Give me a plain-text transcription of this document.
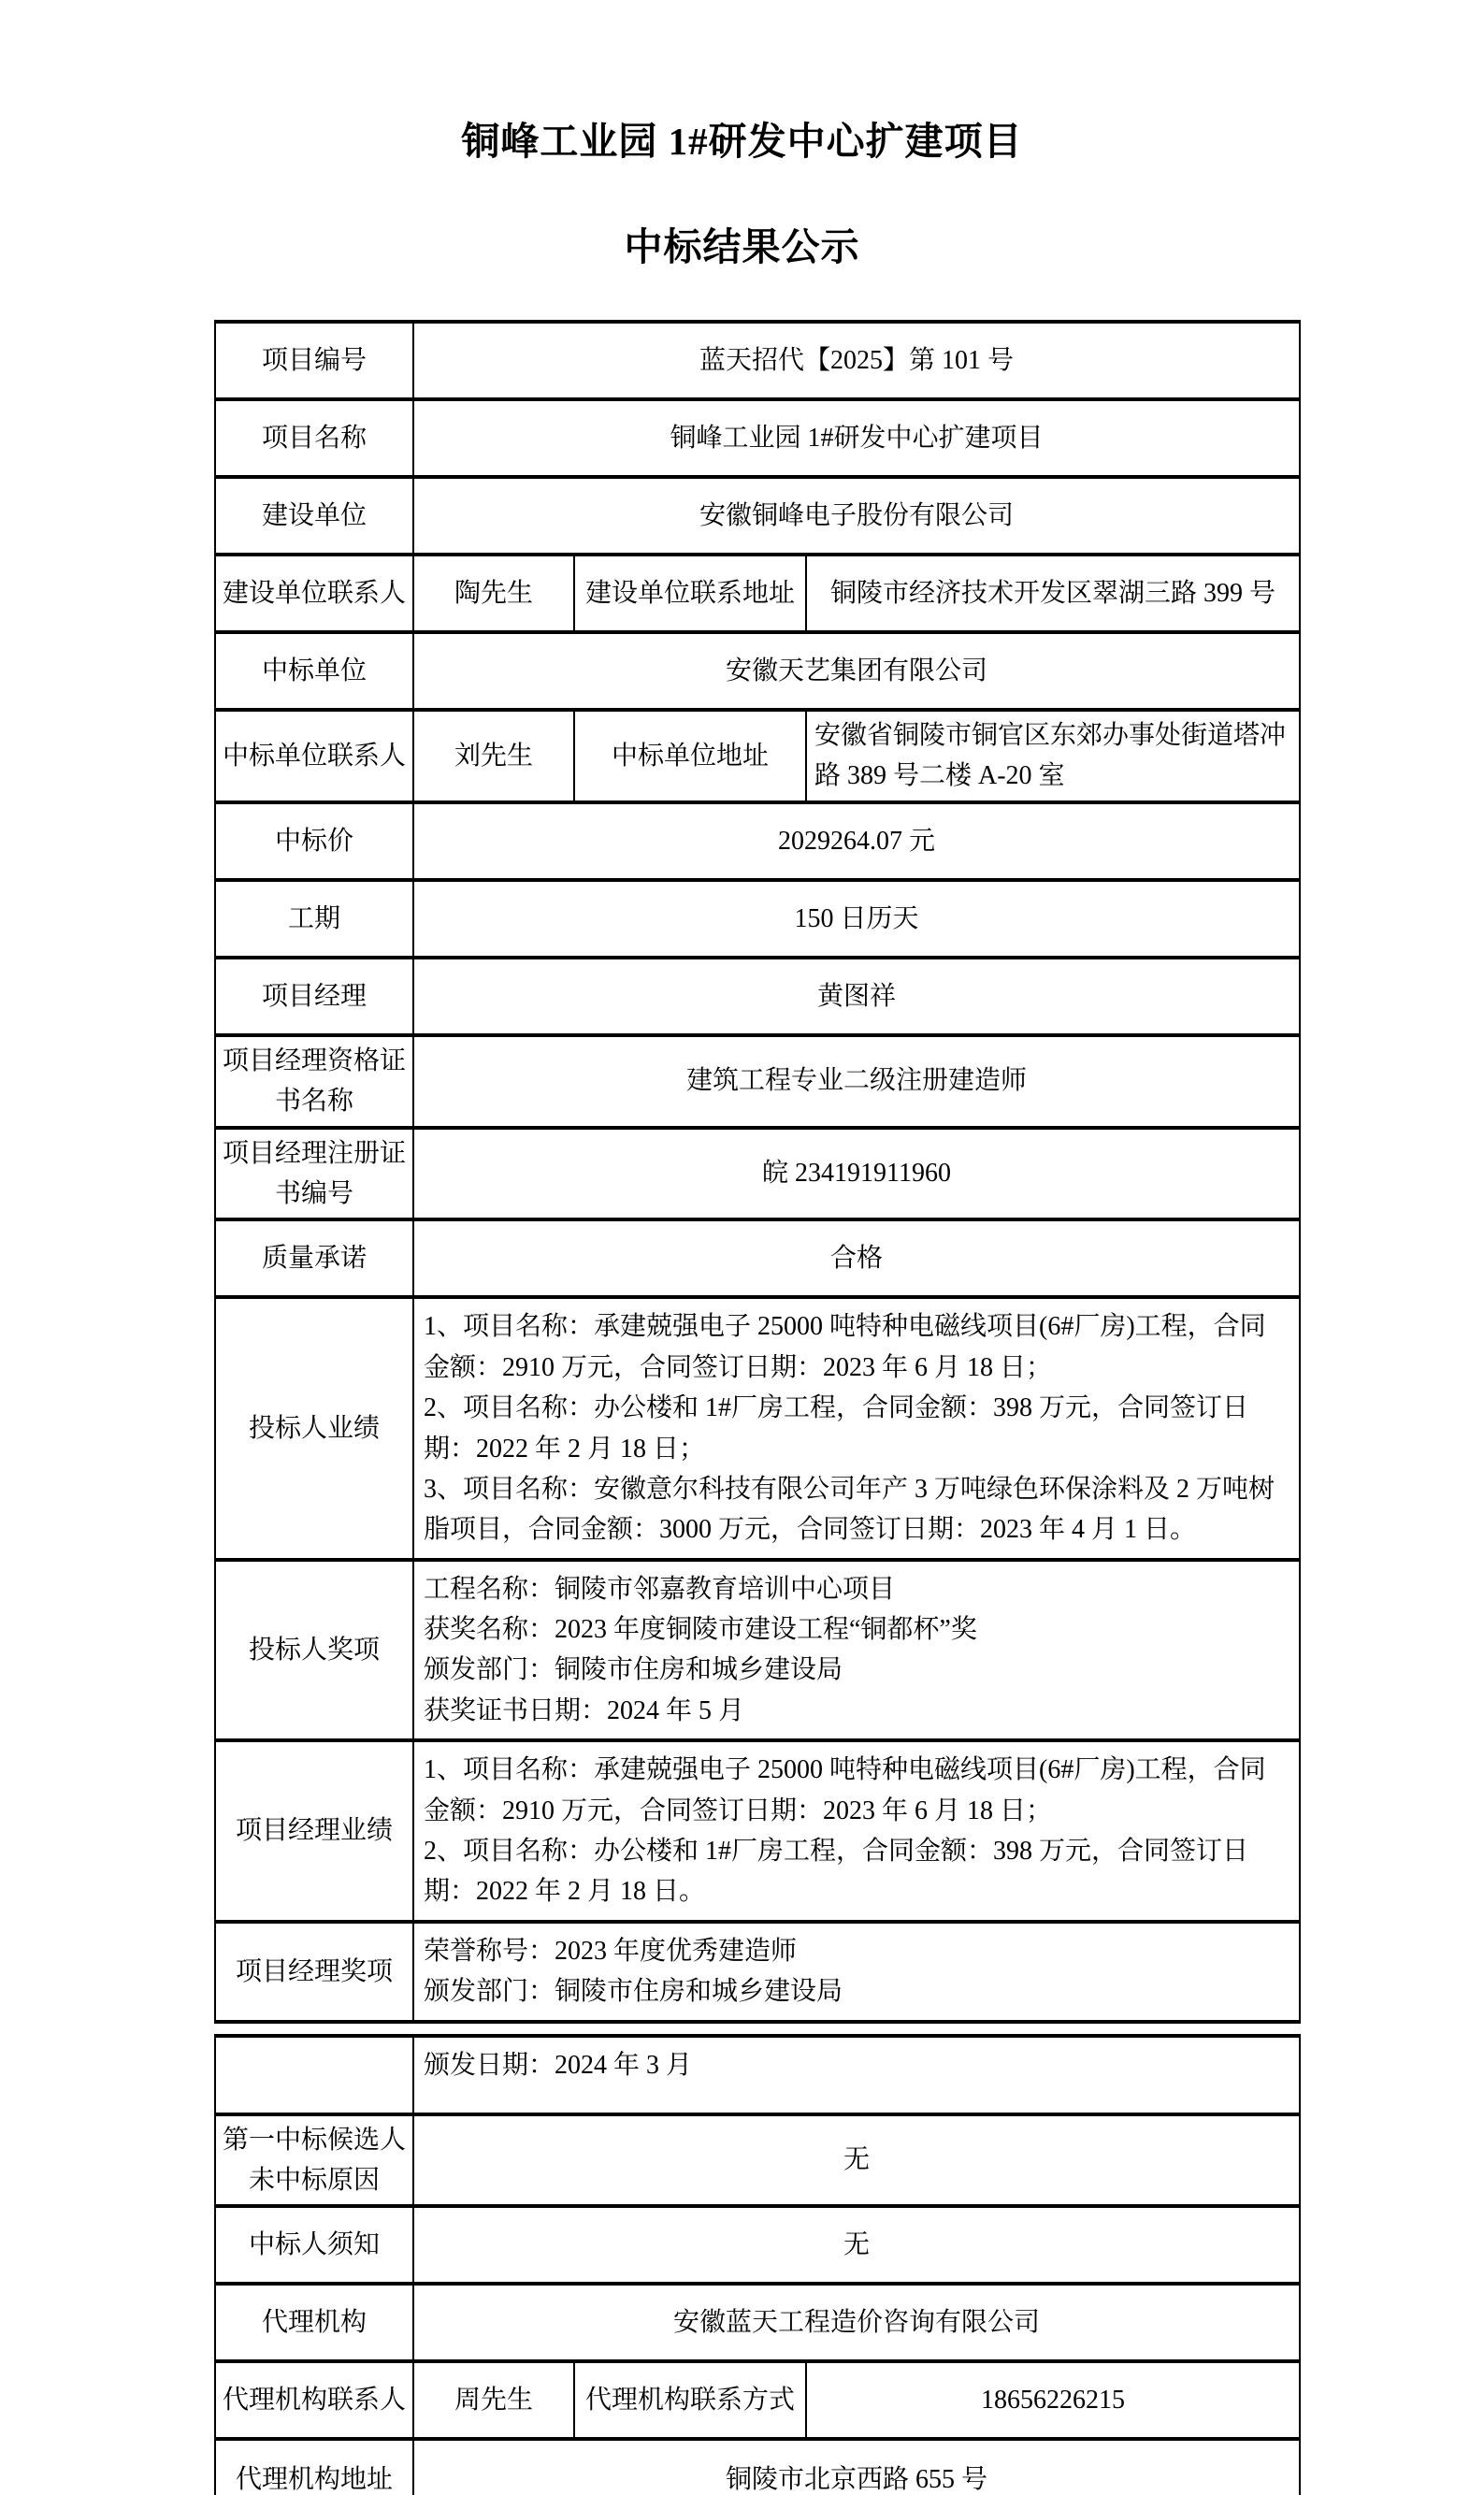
铜峰工业园 1#研发中心扩建项目
中标结果公示
项目编号	蓝天招代【2025】第 101 号		
项目名称	铜峰工业园 1#研发中心扩建项目		
建设单位	安徽铜峰电子股份有限公司		
建设单位联系人	陶先生	建设单位联系地址	铜陵市经济技术开发区翠湖三路 399 号
中标单位	安徽天艺集团有限公司		
中标单位联系人	刘先生	中标单位地址	安徽省铜陵市铜官区东郊办事处街道塔冲路 389 号二楼 A-20 室
中标价	2029264.07 元		
工期	150 日历天		
项目经理	黄图祥		
项目经理资格证书名称	建筑工程专业二级注册建造师		
项目经理注册证书编号	皖 234191911960		
质量承诺	合格		
投标人业绩	1、项目名称：承建兢强电子 25000 吨特种电磁线项目(6#厂房)工程，合同金额：2910 万元，合同签订日期：2023 年 6 月 18 日；
2、项目名称：办公楼和 1#厂房工程，合同金额：398 万元，合同签订日期：2022 年 2 月 18 日；
3、项目名称：安徽意尔科技有限公司年产 3 万吨绿色环保涂料及 2 万吨树脂项目，合同金额：3000 万元，合同签订日期：2023 年 4 月 1 日。		

投标人奖项	工程名称：铜陵市邻嘉教育培训中心项目
获奖名称：2023 年度铜陵市建设工程“铜都杯”奖
颁发部门：铜陵市住房和城乡建设局
获奖证书日期：2024 年 5 月		

项目经理业绩	1、项目名称：承建兢强电子 25000 吨特种电磁线项目(6#厂房)工程，合同金额：2910 万元，合同签订日期：2023 年 6 月 18 日；
2、项目名称：办公楼和 1#厂房工程，合同金额：398 万元，合同签订日期：2022 年 2 月 18 日。		

项目经理奖项	荣誉称号：2023 年度优秀建造师
颁发部门：铜陵市住房和城乡建设局		

	颁发日期：2024 年 3 月		

第一中标候选人未中标原因	无		
中标人须知	无		
代理机构	安徽蓝天工程造价咨询有限公司		
代理机构联系人	周先生	代理机构联系方式	18656226215
代理机构地址	铜陵市北京西路 655 号		
